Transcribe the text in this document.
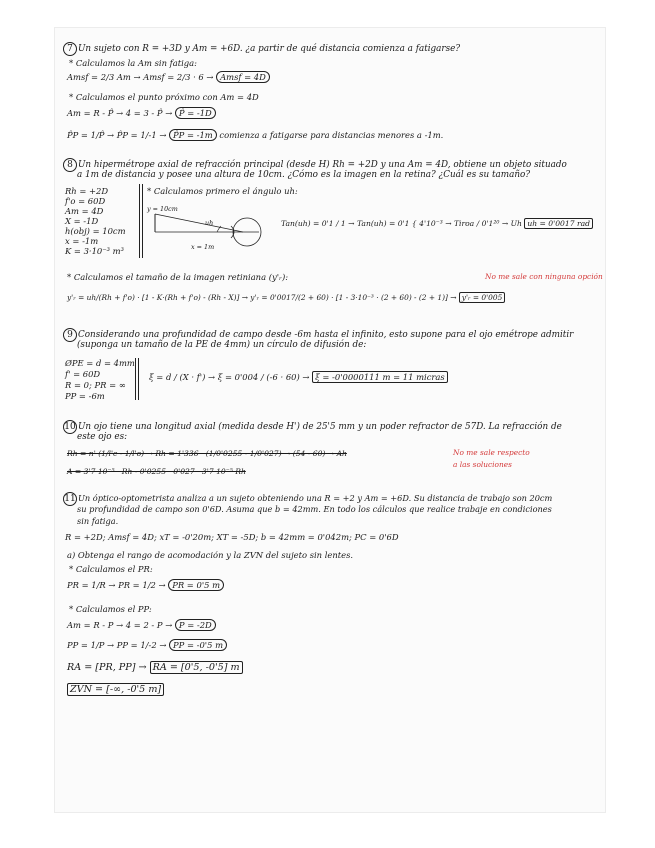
7 Un sujeto con R = +3D y Am = +6D. ¿a partir de qué distancia comienza a fatigarse?
* Calculamos la Am sin fatiga:
Amsf = 2/3 Am → Amsf = 2/3 · 6 → Amsf = 4D
* Calculamos el punto próximo con Am = 4D
Am = R - P̂ → 4 = 3 - P̂ → P̂ = -1D
P̂P = 1/P̂ → P̂P = 1/-1 → P̂P = -1m comienza a fatigarse para distancias menores a -1m.
8 Un hipermétrope axial de refracción principal (desde H) Rh = +2D y una Am = 4D, obtiene un objeto situado
a 1m de distancia y posee una altura de 10cm. ¿Cómo es la imagen en la retina? ¿Cuál es su tamaño?
Rh = +2D
f'o = 60D
Am = 4D
X = -1D
h(obj) = 10cm
x = -1m
K = 3·10⁻³ m³
* Calculamos primero el ángulo uh:
y = 10cm
uh
x = 1m
Tan(uh) = 0'1 / 1 → Tan(uh) = 0'1 { 4'10⁻³ → Tiroa / 0'1²⁰ → Uh uh = 0'0017 rad
* Calculamos el tamaño de la imagen retiniana (y'ᵣ):	No me sale con ninguna opción
y'ᵣ = uh/(Rh + f'o) · [1 - K·(Rh + f'o) - (Rh - X)] → y'ᵣ = 0'0017/(2 + 60) · [1 - 3·10⁻³ · (2 + 60) - (2 + 1)] → y'ᵣ = 0'005
9 Considerando una profundidad de campo desde -6m hasta el infinito, esto supone para el ojo emétrope admitir
(suponga un tamaño de la PE de 4mm) un círculo de difusión de:
ØPE = d = 4mm
f' = 60D
R = 0; PR = ∞
PP = -6m
ξ = d / (X · f') → ξ = 0'004 / (-6 · 60) → ξ = -0'0000111 m = 11 micras
10 Un ojo tiene una longitud axial (medida desde H') de 25'5 mm y un poder refractor de 57D. La refracción de
este ojo es:
Rh = n' (1/l'c - 1/l'o) → Rh = 1'336 · (1/0'0255 - 1/0'027) → (54 - 60) → Ah
A = 3'7·10⁻⁵ · Rh - 0'0255 · 0'027 · 3'7·10⁻⁵ Rh
No me sale respecto
a las soluciones
11 Un óptico-optometrista analiza a un sujeto obteniendo una R = +2 y Am = +6D. Su distancia de trabajo son 20cm
su profundidad de campo son 0'6D. Asuma que b = 42mm. En todo los cálculos que realice trabaje en condiciones
sin fatiga.
R = +2D; Amsf = 4D; xT = -0'20m; XT = -5D; b = 42mm = 0'042m; PC = 0'6D
a) Obtenga el rango de acomodación y la ZVN del sujeto sin lentes.
* Calculamos el PR:
PR = 1/R → PR = 1/2 → PR = 0'5 m
* Calculamos el PP:
Am = R - P → 4 = 2 - P → P = -2D
PP = 1/P → PP = 1/-2 → PP = -0'5 m
RA = [PR, PP] → RA = [0'5, -0'5] m
ZVN = [-∞, -0'5 m]
